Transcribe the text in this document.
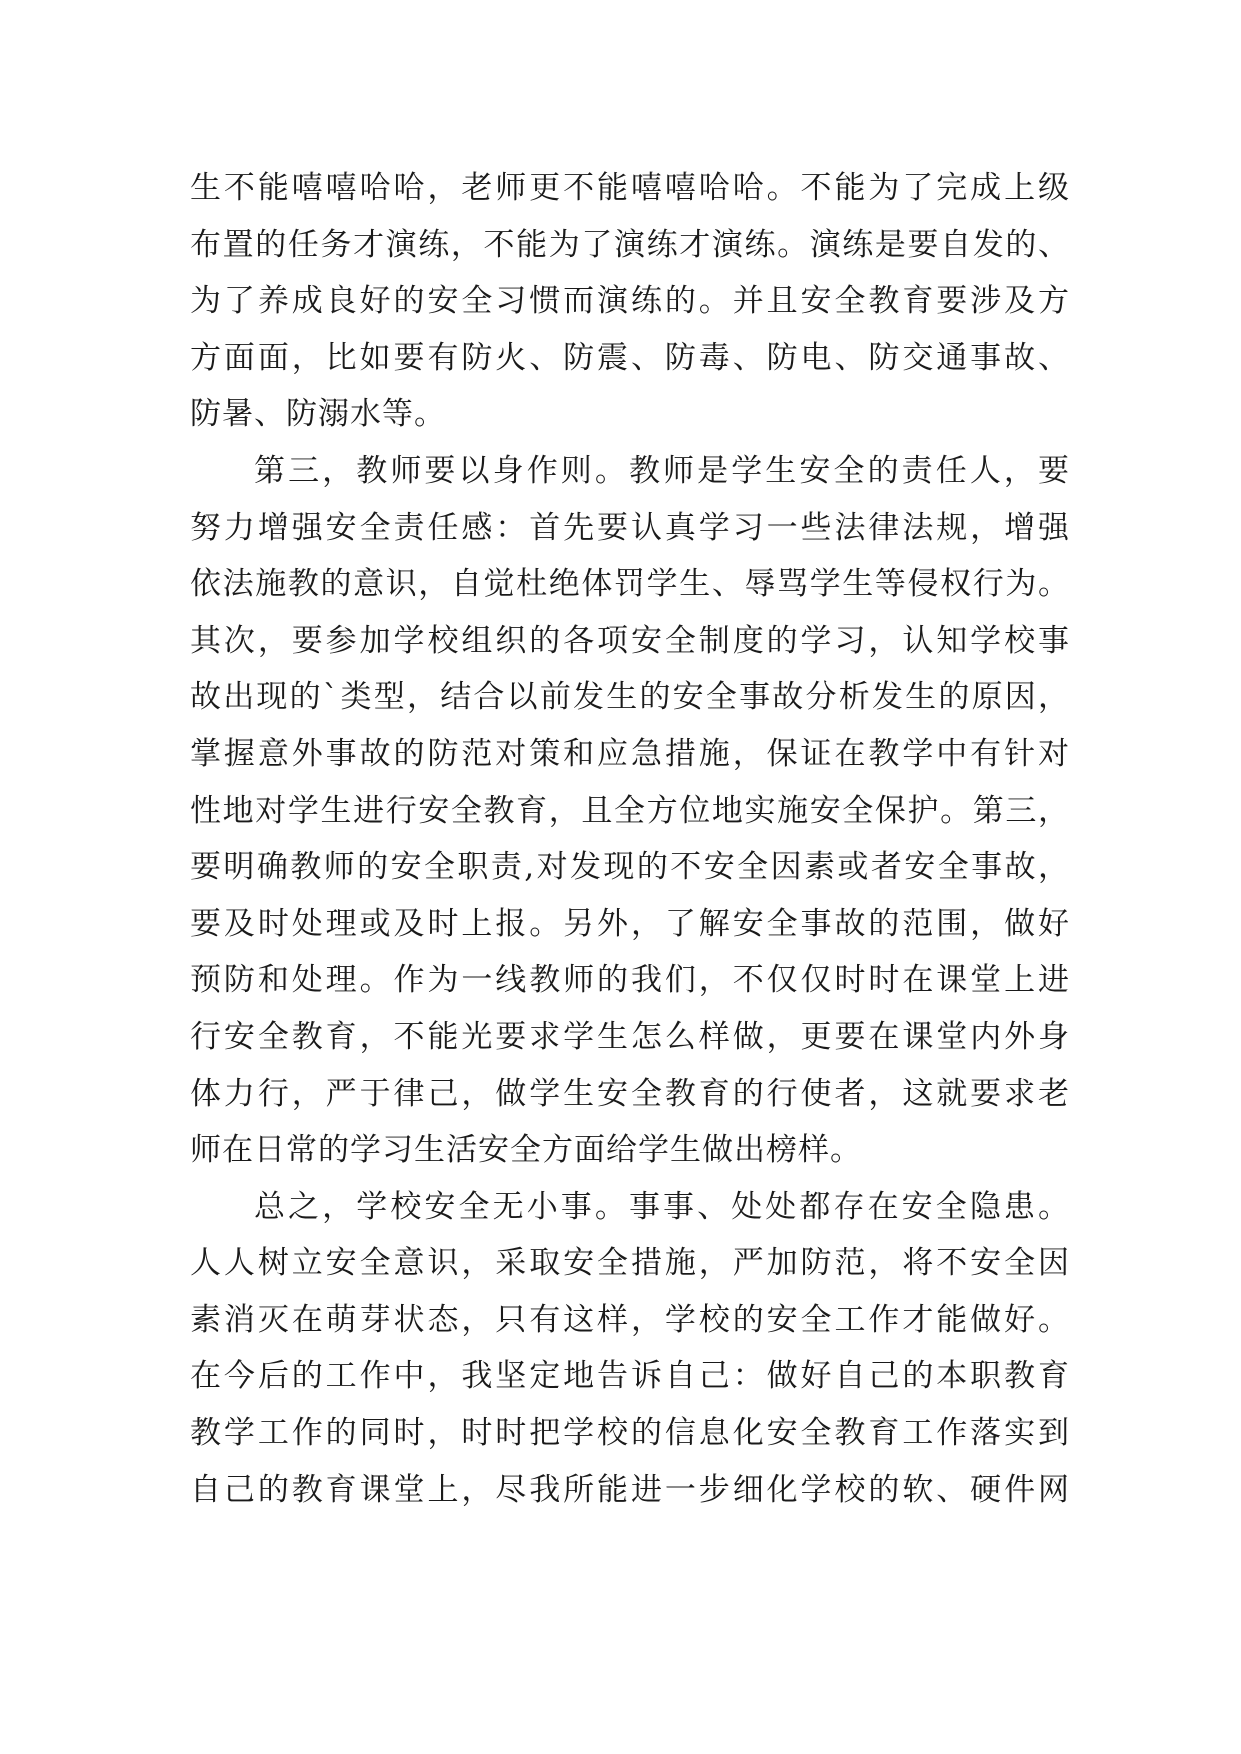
生不能嘻嘻哈哈，老师更不能嘻嘻哈哈。不能为了完成上级
布置的任务才演练，不能为了演练才演练。演练是要自发的、
为了养成良好的安全习惯而演练的。并且安全教育要涉及方
方面面，比如要有防火、防震、防毒、防电、防交通事故、
防暑、防溺水等。
第三，教师要以身作则。教师是学生安全的责任人，要
努力增强安全责任感：首先要认真学习一些法律法规，增强
依法施教的意识，自觉杜绝体罚学生、辱骂学生等侵权行为。
其次，要参加学校组织的各项安全制度的学习，认知学校事
故出现的`类型，结合以前发生的安全事故分析发生的原因，
掌握意外事故的防范对策和应急措施，保证在教学中有针对
性地对学生进行安全教育，且全方位地实施安全保护。第三，
要明确教师的安全职责,对发现的不安全因素或者安全事故，
要及时处理或及时上报。另外，了解安全事故的范围，做好
预防和处理。作为一线教师的我们，不仅仅时时在课堂上进
行安全教育，不能光要求学生怎么样做，更要在课堂内外身
体力行，严于律己，做学生安全教育的行使者，这就要求老
师在日常的学习生活安全方面给学生做出榜样。
总之，学校安全无小事。事事、处处都存在安全隐患。
人人树立安全意识，采取安全措施，严加防范，将不安全因
素消灭在萌芽状态，只有这样，学校的安全工作才能做好。
在今后的工作中，我坚定地告诉自己：做好自己的本职教育
教学工作的同时，时时把学校的信息化安全教育工作落实到
自己的教育课堂上，尽我所能进一步细化学校的软、硬件网
